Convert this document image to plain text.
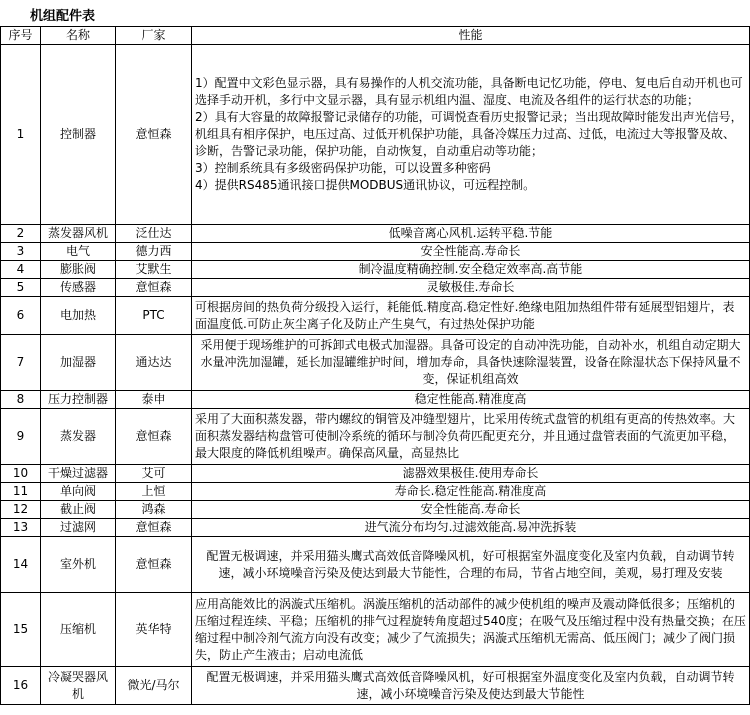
机组配件表
序号	名称	厂家	性能
1	控制器	意恒森	1）配置中文彩色显示器，具有易操作的人机交流功能，具备断电记忆功能，停电、复电后自动开机也可选择手动开机，多行中文显示器，具有显示机组内温、湿度、电流及各组件的运行状态的功能；
2）具有大容量的故障报警记录储存的功能，可调悦查看历史报警记录；当出现故障时能发出声光信号，机组具有相序保护，电压过高、过低开机保护功能，具备冷媒压力过高、过低，电流过大等报警及故、诊断，告警记录功能，保护功能，自动恢复，自动重启动等功能；
3）控制系统具有多级密码保护功能，可以设置多种密码
4）提供RS485通讯接口提供MODBUS通讯协议，可远程控制。
2	蒸发器风机	泛仕达	低噪音离心风机.运转平稳.节能
3	电气	德力西	安全性能高.寿命长
4	膨胀阀	艾默生	制冷温度精确控制.安全稳定效率高.高节能
5	传感器	意恒森	灵敏极佳.寿命长
6	电加热	PTC	可根据房间的热负荷分级投入运行，耗能低.精度高.稳定性好.绝缘电阻加热组件带有延展型铝翅片，表面温度低.可防止灰尘离子化及防止产生臭气，有过热处保护功能
7	加湿器	通达达	采用便于现场维护的可拆卸式电极式加湿器。具备可设定的自动冲洗功能，自动补水，机组自动定期大水量冲洗加湿罐，延长加湿罐维护时间，增加寿命，具备快速除湿装置，设备在除湿状态下保持风量不变，保证机组高效
8	压力控制器	泰申	稳定性能高.精准度高
9	蒸发器	意恒森	采用了大面积蒸发器，带内螺纹的铜管及冲缝型翅片，比采用传统式盘管的机组有更高的传热效率。大面积蒸发器结构盘管可使制冷系统的循环与制冷负荷匹配更充分，并且通过盘管表面的气流更加平稳，最大限度的降低机组噪声。确保高风量，高显热比
10	干燥过滤器	艾可	滤器效果极佳.使用寿命长
11	单向阀	上恒	寿命长.稳定性能高.精准度高
12	截止阀	鸿森	安全性能高.寿命长
13	过滤网	意恒森	进气流分布均匀.过滤效能高.易冲洗拆装
14	室外机	意恒森	配置无极调速，并采用猫头鹰式高效低音降噪风机，好可根据室外温度变化及室内负载，自动调节转速，减小环境噪音污染及使达到最大节能性，合理的布局，节省占地空间，美观，易打理及安装
15	压缩机	英华特	应用高能效比的涡漩式压缩机。涡漩压缩机的活动部件的减少使机组的噪声及震动降低很多；压缩机的压缩过程连续、平稳；压缩机的排气过程旋转角度超过540度；在吸气及压缩过程中没有热量交换；在压缩过程中制冷剂气流方向没有改变；减少了气流损失；涡漩式压缩机无需高、低压阀门；减少了阀门损失，防止产生液击；启动电流低
16	冷凝哭器风机	微光/马尔	配置无极调速，并采用猫头鹰式高效低音降噪风机，好可根据室外温度变化及室内负载，自动调节转速，减小环境噪音污染及使达到最大节能性
